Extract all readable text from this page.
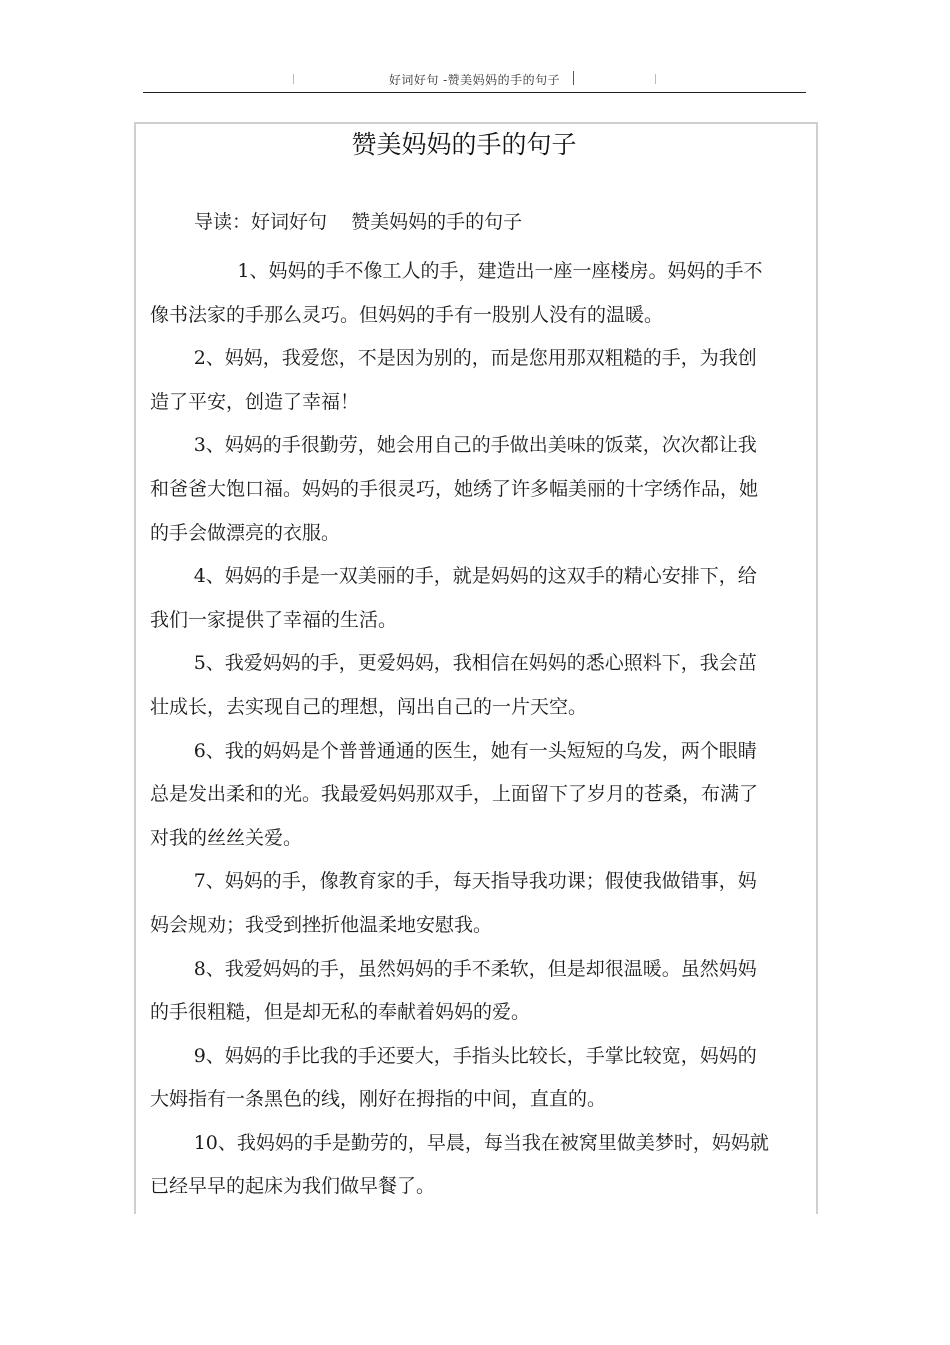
好词好句 -赞美妈妈的手的句子
赞美妈妈的手的句子
导读：好词好句    赞美妈妈的手的句子

1、妈妈的手不像工人的手，建造出一座一座楼房。妈妈的手不像书法家的手那么灵巧。但妈妈的手有一股别人没有的温暖。

2、妈妈，我爱您，不是因为别的，而是您用那双粗糙的手，为我创造了平安，创造了幸福！

3、妈妈的手很勤劳，她会用自己的手做出美味的饭菜，次次都让我和爸爸大饱口福。妈妈的手很灵巧，她绣了许多幅美丽的十字绣作品，她的手会做漂亮的衣服。

4、妈妈的手是一双美丽的手，就是妈妈的这双手的精心安排下，给我们一家提供了幸福的生活。

5、我爱妈妈的手，更爱妈妈，我相信在妈妈的悉心照料下，我会茁壮成长，去实现自己的理想，闯出自己的一片天空。

6、我的妈妈是个普普通通的医生，她有一头短短的乌发，两个眼睛总是发出柔和的光。我最爱妈妈那双手，上面留下了岁月的苍桑，布满了对我的丝丝关爱。

7、妈妈的手，像教育家的手，每天指导我功课；假使我做错事，妈妈会规劝；我受到挫折他温柔地安慰我。

8、我爱妈妈的手，虽然妈妈的手不柔软，但是却很温暖。虽然妈妈的手很粗糙，但是却无私的奉献着妈妈的爱。

9、妈妈的手比我的手还要大，手指头比较长，手掌比较宽，妈妈的大姆指有一条黑色的线，刚好在拇指的中间，直直的。

10、我妈妈的手是勤劳的，早晨，每当我在被窝里做美梦时，妈妈就已经早早的起床为我们做早餐了。
